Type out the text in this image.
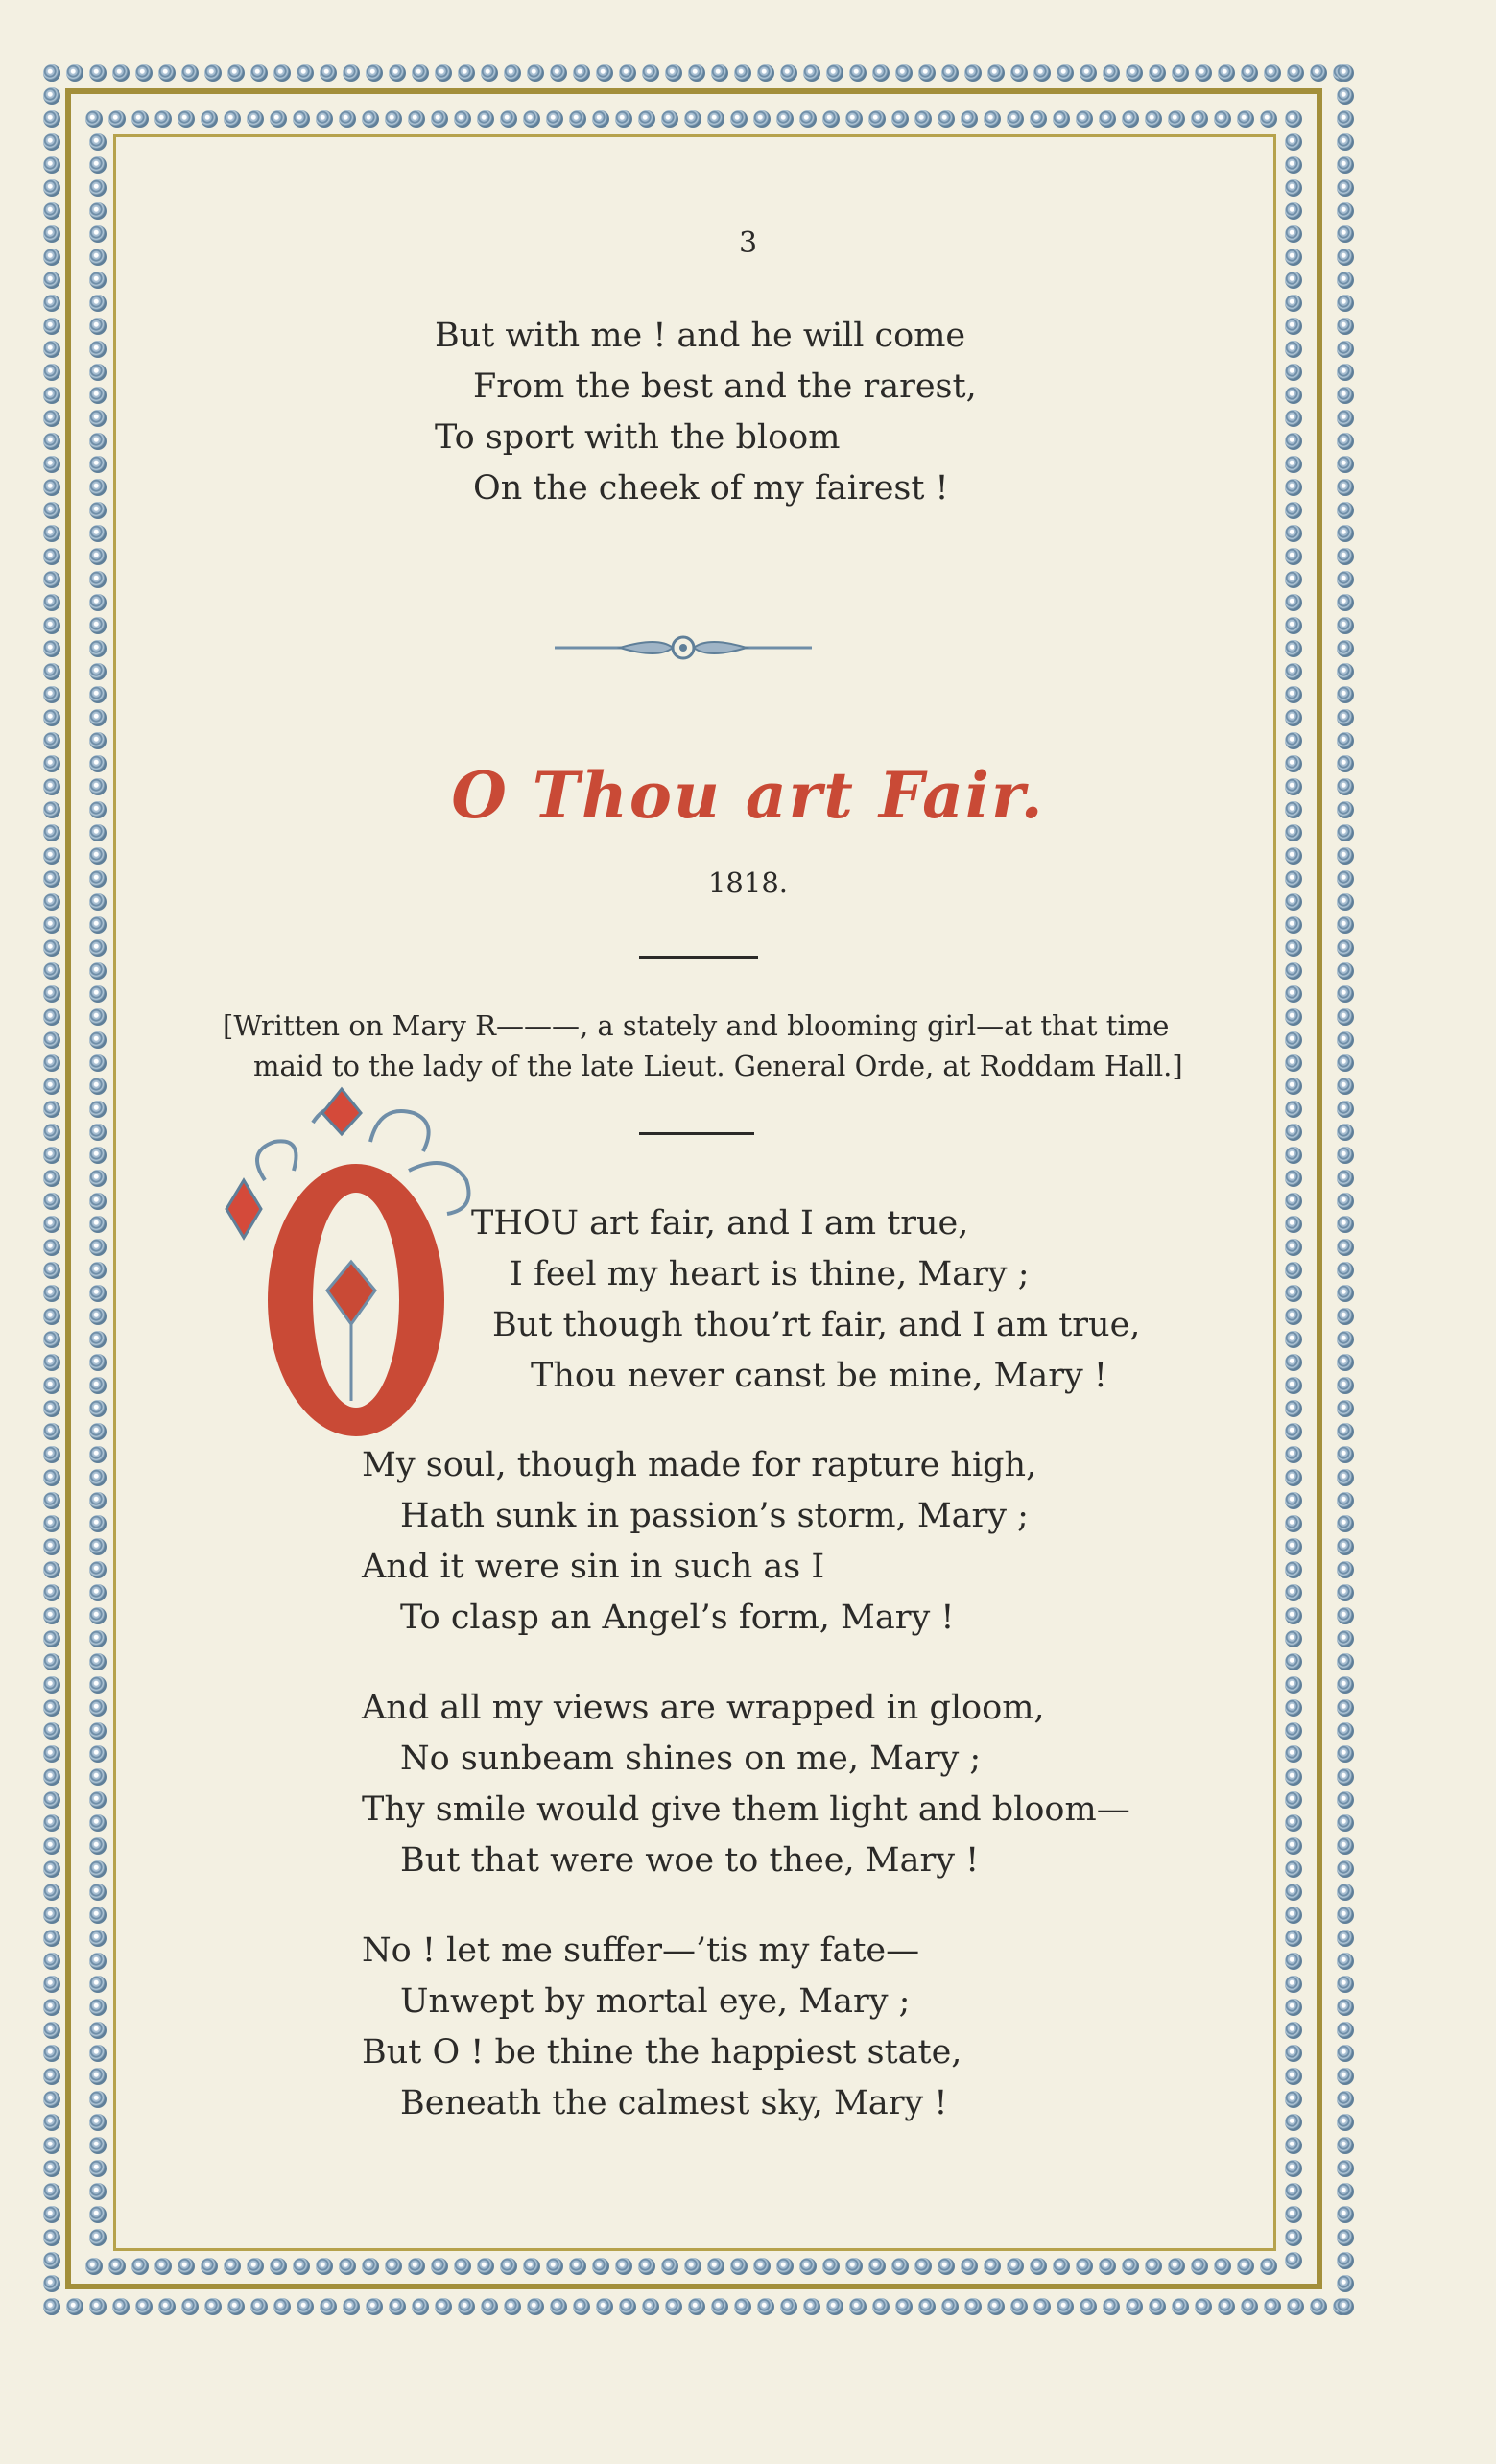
3
But with me ! and he will come
From the best and the rarest,
To sport with the bloom
On the cheek of my fairest !
O Thou art Fair.
1818.
[Written on Mary R———, a stately and blooming girl—at that time
maid to the lady of the late Lieut. General Orde, at Roddam Hall.]
O
THOU art fair, and I am true,
I feel my heart is thine, Mary ;
But though thou’rt fair, and I am true,
Thou never canst be mine, Mary !
My soul, though made for rapture high,
Hath sunk in passion’s storm, Mary ;
And it were sin in such as I
To clasp an Angel’s form, Mary !
And all my views are wrapped in gloom,
No sunbeam shines on me, Mary ;
Thy smile would give them light and bloom—
But that were woe to thee, Mary !
No ! let me suffer—’tis my fate—
Unwept by mortal eye, Mary ;
But O ! be thine the happiest state,
Beneath the calmest sky, Mary !
